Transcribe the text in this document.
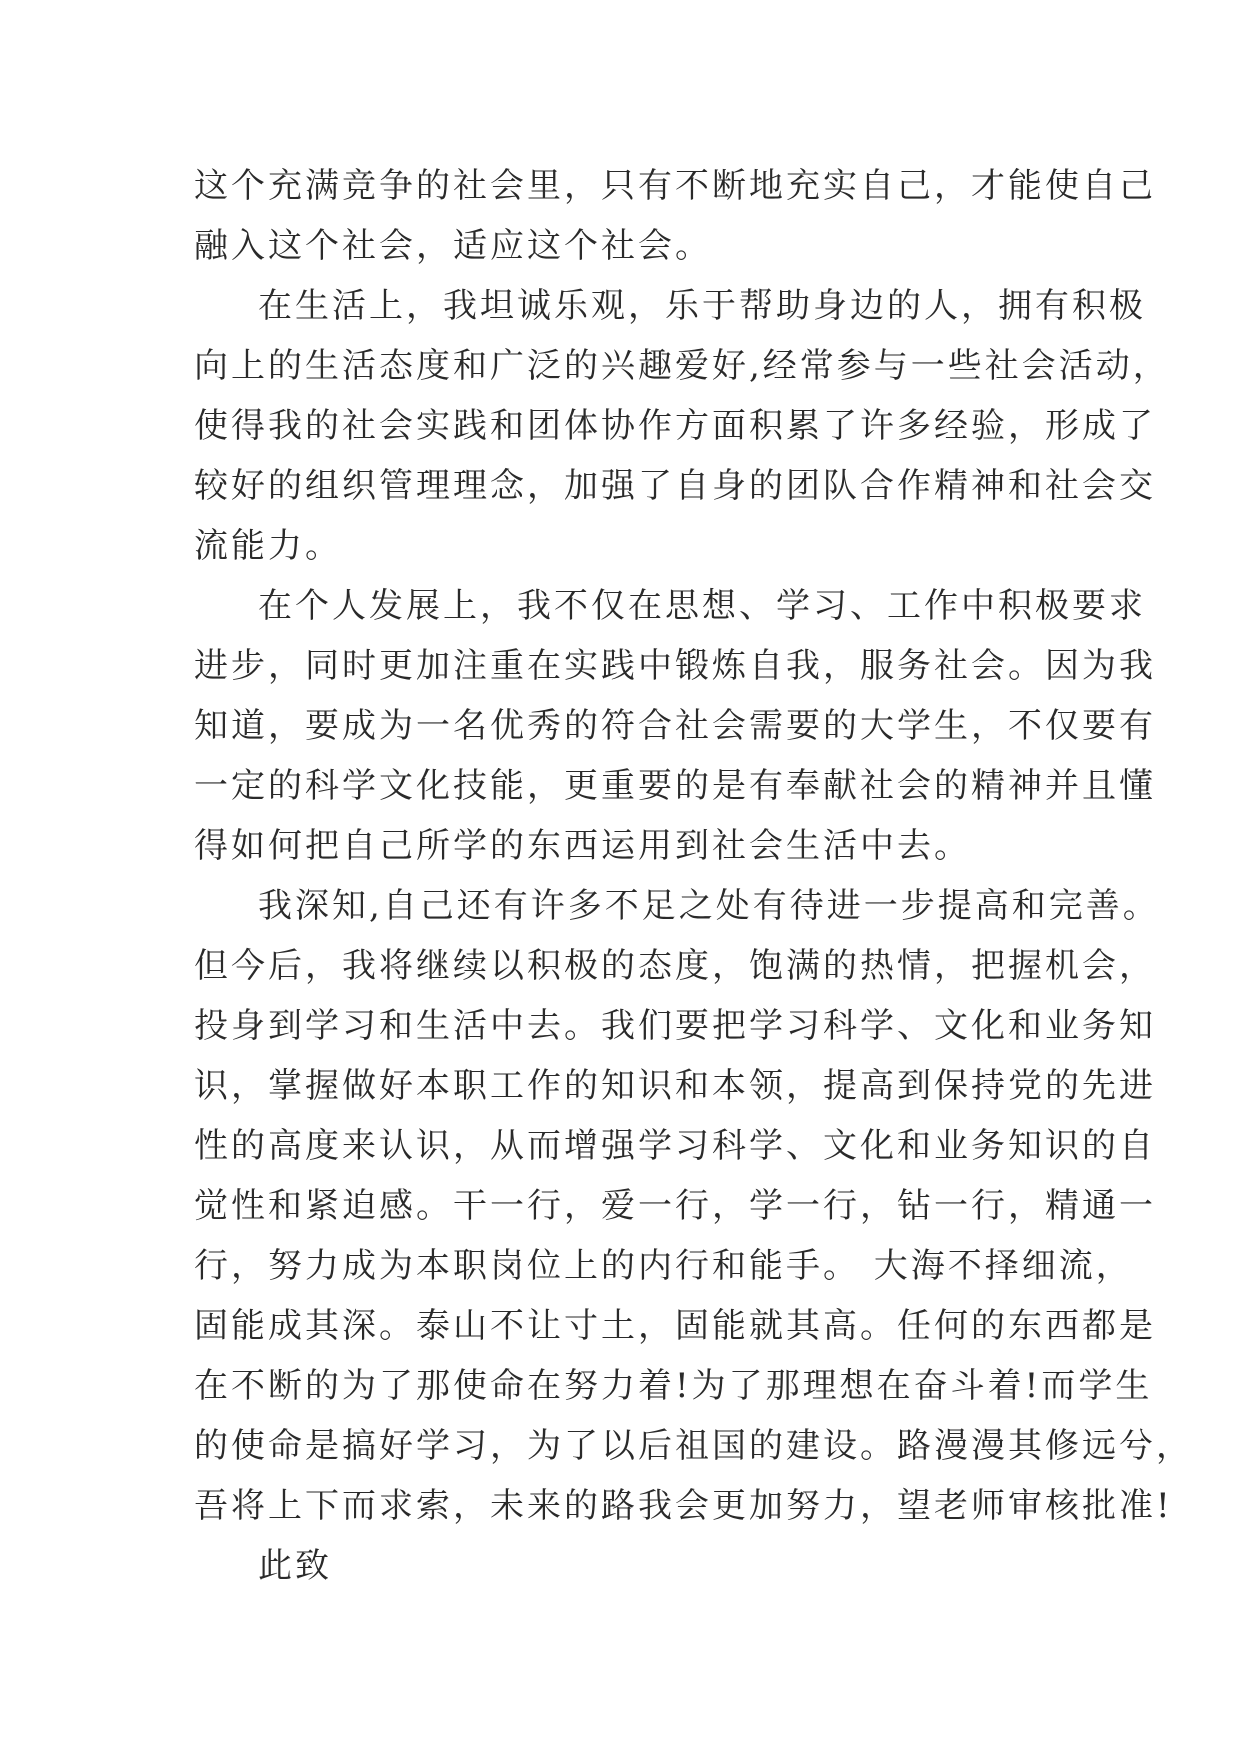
这个充满竞争的社会里，只有不断地充实自己，才能使自己
融入这个社会，适应这个社会。
在生活上，我坦诚乐观，乐于帮助身边的人，拥有积极
向上的生活态度和广泛的兴趣爱好,经常参与一些社会活动，
使得我的社会实践和团体协作方面积累了许多经验，形成了
较好的组织管理理念，加强了自身的团队合作精神和社会交
流能力。
在个人发展上，我不仅在思想、学习、工作中积极要求
进步，同时更加注重在实践中锻炼自我，服务社会。因为我
知道，要成为一名优秀的符合社会需要的大学生，不仅要有
一定的科学文化技能，更重要的是有奉献社会的精神并且懂
得如何把自己所学的东西运用到社会生活中去。
我深知,自己还有许多不足之处有待进一步提高和完善。
但今后，我将继续以积极的态度，饱满的热情，把握机会，
投身到学习和生活中去。我们要把学习科学、文化和业务知
识，掌握做好本职工作的知识和本领，提高到保持党的先进
性的高度来认识，从而增强学习科学、文化和业务知识的自
觉性和紧迫感。干一行，爱一行，学一行，钻一行，精通一
行，努力成为本职岗位上的内行和能手。 大海不择细流，
固能成其深。泰山不让寸土，固能就其高。任何的东西都是
在不断的为了那使命在努力着!为了那理想在奋斗着!而学生
的使命是搞好学习，为了以后祖国的建设。路漫漫其修远兮，
吾将上下而求索，未来的路我会更加努力，望老师审核批准!
此致
